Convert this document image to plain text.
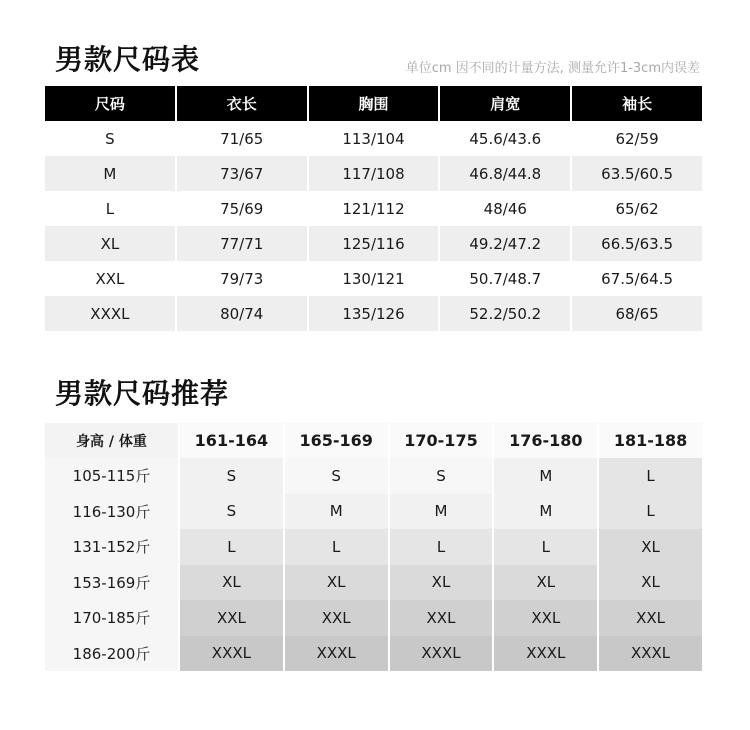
男款尺码表	单位cm 因不同的计量方法, 测量允许1-3cm内误差
尺码	衣长	胸围	肩宽	袖长
S	71/65	113/104	45.6/43.6	62/59
M	73/67	117/108	46.8/44.8	63.5/60.5
L	75/69	121/112	48/46	65/62
XL	77/71	125/116	49.2/47.2	66.5/63.5
XXL	79/73	130/121	50.7/48.7	67.5/64.5
XXXL	80/74	135/126	52.2/50.2	68/65
男款尺码推荐
身高 / 体重	161-164	165-169	170-175	176-180	181-188
105-115斤	S	S	S	M	L
116-130斤	S	M	M	M	L
131-152斤	L	L	L	L	XL
153-169斤	XL	XL	XL	XL	XL
170-185斤	XXL	XXL	XXL	XXL	XXL
186-200斤	XXXL	XXXL	XXXL	XXXL	XXXL
